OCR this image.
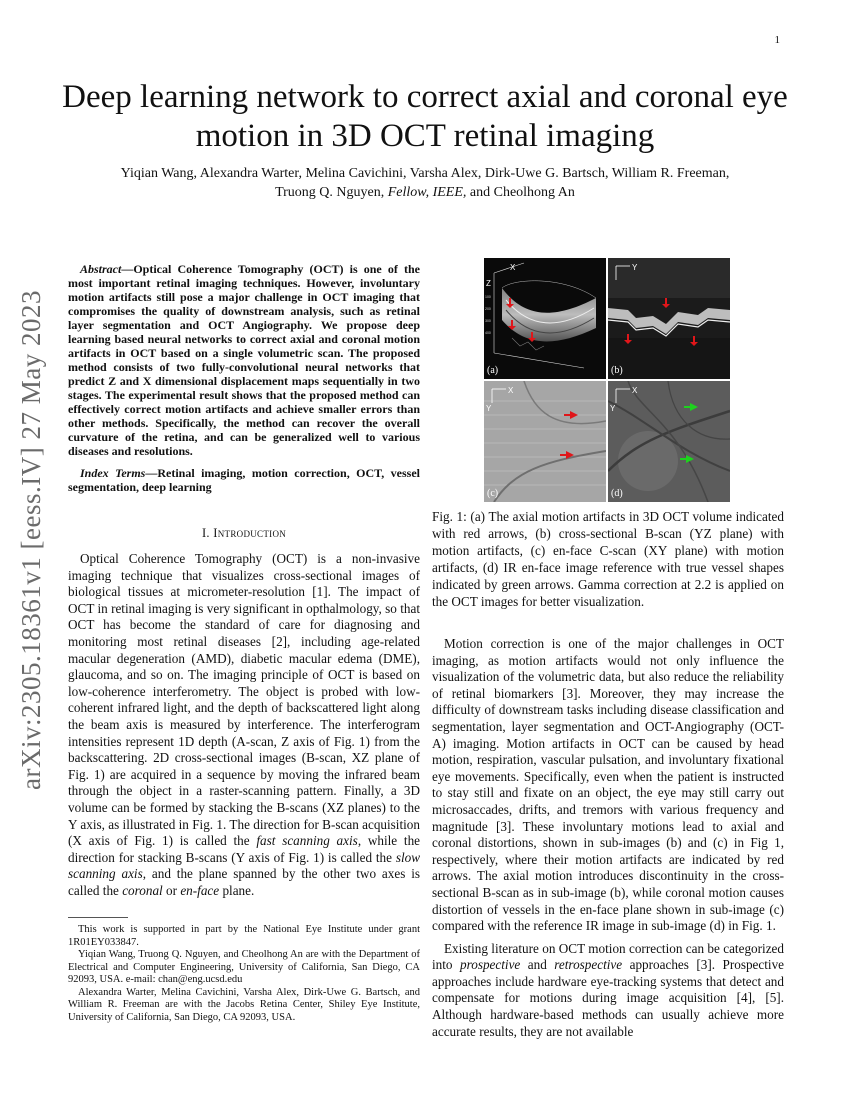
1
arXiv:2305.18361v1 [eess.IV] 27 May 2023
Deep learning network to correct axial and coronal eye motion in 3D OCT retinal imaging
Yiqian Wang, Alexandra Warter, Melina Cavichini, Varsha Alex, Dirk-Uwe G. Bartsch, William R. Freeman,
Truong Q. Nguyen, Fellow, IEEE, and Cheolhong An

Abstract—Optical Coherence Tomography (OCT) is one of the most important retinal imaging techniques. However, involuntary motion artifacts still pose a major challenge in OCT imaging that compromises the quality of downstream analysis, such as retinal layer segmentation and OCT Angiography. We propose deep learning based neural networks to correct axial and coronal motion artifacts in OCT based on a single volumetric scan. The proposed method consists of two fully-convolutional neural networks that predict Z and X dimensional displacement maps sequentially in two stages. The experimental result shows that the proposed method can effectively correct motion artifacts and achieve smaller errors than other methods. Specifically, the method can recover the overall curvature of the retina, and can be generalized well to various diseases and resolutions.

Index Terms—Retinal imaging, motion correction, OCT, vessel segmentation, deep learning

I. Introduction

Optical Coherence Tomography (OCT) is a non-invasive imaging technique that visualizes cross-sectional images of biological tissues at micrometer-resolution [1]. The impact of OCT in retinal imaging is very significant in opthalmology, so that OCT has become the standard of care for diagnosing and monitoring most retinal diseases [2], including age-related macular degeneration (AMD), diabetic macular edema (DME), glaucoma, and so on. The imaging principle of OCT is based on low-coherence interferometry. The object is probed with low-coherent infrared light, and the depth of backscattered light along the beam axis is measured by interference. The interferogram intensities represent 1D depth (A-scan, Z axis of Fig. 1) from the backscattering. 2D cross-sectional images (B-scan, XZ plane of Fig. 1) are acquired in a sequence by moving the infrared beam through the object in a raster-scanning pattern. Finally, a 3D volume can be formed by stacking the B-scans (XZ planes) to the Y axis, as illustrated in Fig. 1. The direction for B-scan acquisition (X axis of Fig. 1) is called the fast scanning axis, while the direction for stacking B-scans (Y axis of Fig. 1) is called the slow scanning axis, and the plane spanned by the other two axes is called the coronal or en-face plane.

This work is supported in part by the National Eye Institute under grant 1R01EY033847.

Yiqian Wang, Truong Q. Nguyen, and Cheolhong An are with the Department of Electrical and Computer Engineering, University of California, San Diego, CA 92093, USA. e-mail: chan@eng.ucsd.edu

Alexandra Warter, Melina Cavichini, Varsha Alex, Dirk-Uwe G. Bartsch, and William R. Freeman are with the Jacobs Retina Center, Shiley Eye Institute, University of California, San Diego, CA 92093, USA.

100
200
300
400
X
Z
(a)
Y
(b)
X
Y
(c)
X
Y
(d)

Fig. 1: (a) The axial motion artifacts in 3D OCT volume indicated with red arrows, (b) cross-sectional B-scan (YZ plane) with motion artifacts, (c) en-face C-scan (XY plane) with motion artifacts, (d) IR en-face image reference with true vessel shapes indicated by green arrows. Gamma correction at 2.2 is applied on the OCT images for better visualization.

Motion correction is one of the major challenges in OCT imaging, as motion artifacts would not only influence the visualization of the volumetric data, but also reduce the reliability of retinal biomarkers [3]. Moreover, they may increase the difficulty of downstream tasks including disease classification and segmentation, layer segmentation and OCT-Angiography (OCT-A) imaging. Motion artifacts in OCT can be caused by head motion, respiration, vascular pulsation, and involuntary fixational eye movements. Specifically, even when the patient is instructed to stay still and fixate on an object, the eye may still carry out microsaccades, drifts, and tremors with various frequency and magnitude [3]. These involuntary motions lead to axial and coronal distortions, shown in sub-images (b) and (c) in Fig 1, respectively, where their motion artifacts are indicated by red arrows. The axial motion introduces discontinuity in the cross-sectional B-scan as in sub-image (b), while coronal motion causes distortion of vessels in the en-face plane shown in sub-image (c) compared with the reference IR image in sub-image (d) in Fig. 1.

Existing literature on OCT motion correction can be categorized into prospective and retrospective approaches [3]. Prospective approaches include hardware eye-tracking systems that detect and compensate for motions during image acquisition [4], [5]. Although hardware-based methods can usually achieve more accurate results, they are not available
